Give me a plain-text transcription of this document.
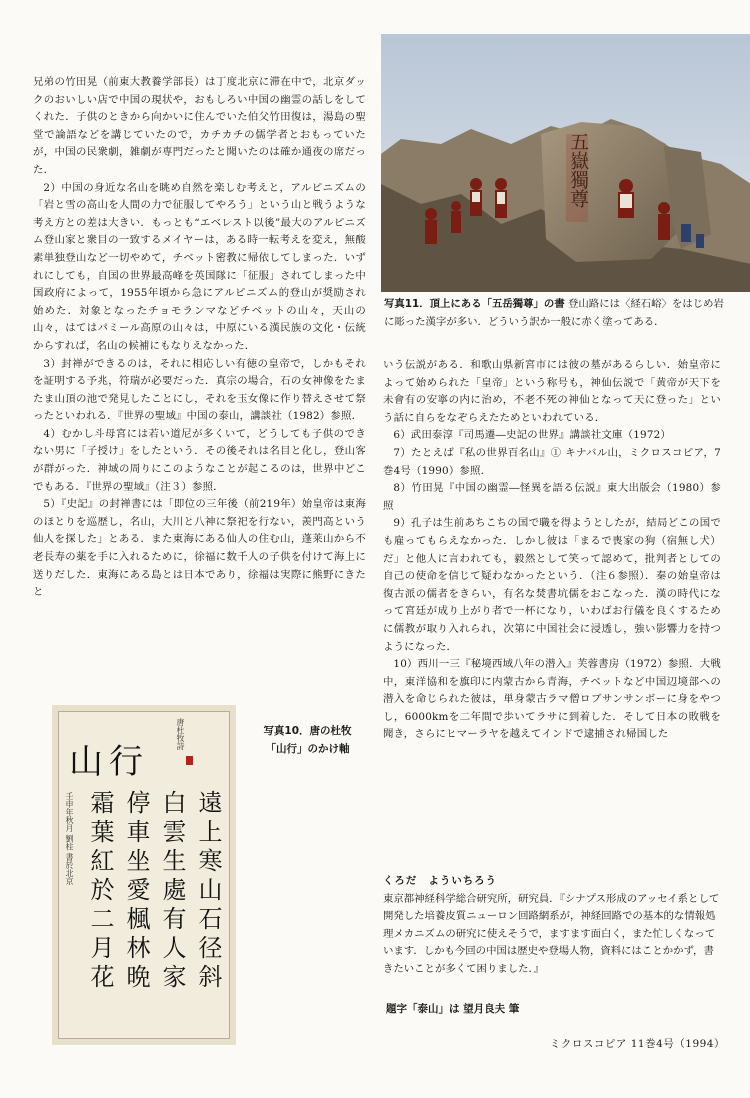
兄弟の竹田晃（前東大教養学部長）は丁度北京に滞在中で，北京ダックのおいしい店で中国の現状や，おもしろい中国の幽霊の話しをしてくれた．子供のときから向かいに住んでいた伯父竹田復は，湯島の聖堂で論語などを講じていたので，カチカチの儒学者とおもっていたが，中国の民衆劇，雑劇が専門だったと聞いたのは確か通夜の席だった．

2）中国の身近な名山を眺め自然を楽しむ考えと，アルピニズムの「岩と雪の高山を人間の力で征服してやろう」という山と戦うような考え方との差は大きい．もっとも“エベレスト以後”最大のアルピニズム登山家と衆目の一致するメイヤーは，ある時一転考えを変え，無酸素単独登山など一切やめて，チベット密教に帰依してしまった．いずれにしても，自国の世界最高峰を英国隊に「征服」されてしまった中国政府によって，1955年頃から急にアルピニズム的登山が奨励され始めた．対象となったチョモランマなどチベットの山々，天山の山々，はてはパミール高原の山々は，中原にいる漢民族の文化・伝統からすれば，名山の候補にもなりえなかった．

3）封禅ができるのは，それに相応しい有徳の皇帝で，しかもそれを証明する予兆，符瑞が必要だった．真宗の場合，石の女神像をたまたま山頂の池で発見したことにし，それを玉女像に作り替えさせて祭ったといわれる．『世界の聖域』中国の泰山，講談社（1982）参照．

4）むかし斗母宮には若い道尼が多くいて，どうしても子供のできない男に「子授け」をしたという．その後それは名目と化し，登山客が群がった．神域の周りにこのようなことが起こるのは，世界中どこでもある．『世界の聖域』（注３）参照．

5）『史記』の封禅書には「即位の三年後（前219年）始皇帝は東海のほとりを巡歴し，名山，大川と八神に祭祀を行ない，羨門高という仙人を探した」とある．また東海にある仙人の住む山，蓬莱山から不老長寿の薬を手に入れるために，徐福に数千人の子供を付けて海上に送りだした．東海にある島とは日本であり，徐福は実際に熊野にきたと

五嶽獨尊
写真11．頂上にある「五岳獨尊」の書 登山路には〈経石峪〉をはじめ岩に彫った漢字が多い．どういう訳か一般に赤く塗ってある．

いう伝説がある．和歌山県新宮市には彼の墓があるらしい．始皇帝によって始められた「皇帝」という称号も，神仙伝説で「黄帝が天下を未會有の安寧の内に治め，不老不死の神仙となって天に登った」という話に自らをなぞらえたためといわれている．

6）武田泰淳『司馬遷―史記の世界』講談社文庫（1972）

7）たとえば『私の世界百名山』① キナバル山，ミクロスコピア，7巻4号（1990）参照．

8）竹田晃『中国の幽霊―怪異を語る伝説』東大出版会（1980）参照

9）孔子は生前あちこちの国で職を得ようとしたが，結局どこの国でも雇ってもらえなかった．しかし彼は「まるで喪家の狗（宿無し犬）だ」と他人に言われても，毅然として笑って認めて，批判者としての自己の使命を信じて疑わなかったという．（注６参照）．秦の始皇帝は復古派の儒者をきらい，有名な焚書坑儒をおこなった．漢の時代になって宮廷が成り上がり者で一杯になり，いわばお行儀を良くするために儒教が取り入れられ，次第に中国社会に浸透し，強い影響力を持つようになった．

10）西川一三『秘境西域八年の潜入』芙蓉書房（1972）参照．大戦中，東洋協和を旗印に内蒙古から青海，チベットなど中国辺境部への潜入を命じられた彼は，単身蒙古ラマ僧ロブサンサンボーに身をやつし，6000kmを二年間で歩いてラサに到着した．そして日本の敗戦を聞き，さらにヒマーラヤを越えてインドで逮捕され帰国した

唐杜牧詩
山行
遠上寒山石径斜
白雲生處有人家
停車坐愛楓林晩
霜葉紅於二月花
壬申年秋月 劉柱 書於北京
写真10．唐の杜牧
「山行」のかけ軸
くろだ　よういちろう
東京都神経科学総合研究所，研究員．『シナプス形成のアッセイ系として開発した培養皮質ニューロン回路網系が，神経回路での基本的な情報処理メカニズムの研究に使えそうで，ますます面白く，また忙しくなっています．しかも今回の中国は歴史や登場人物，資料にはことかかず，書きたいことが多くて困りました．』
題字「泰山」は 望月良夫 筆
ミクロスコピア 11巻4号（1994）
